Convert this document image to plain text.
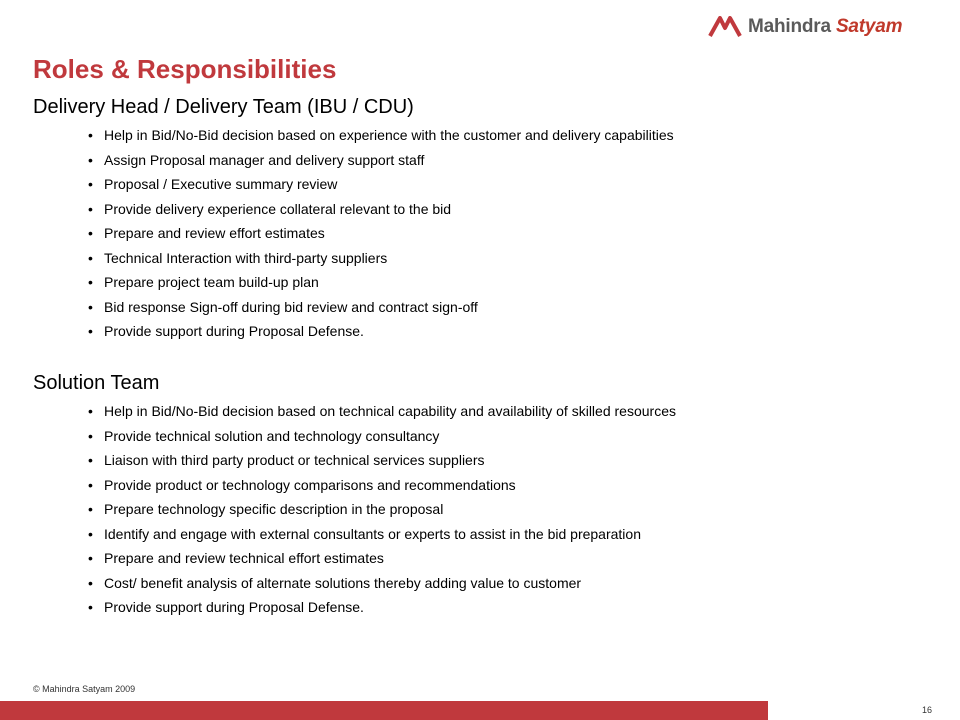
Mahindra Satyam
Roles & Responsibilities
Delivery Head / Delivery Team (IBU / CDU)
• Help in Bid/No-Bid decision based on experience with the customer and delivery capabilities
• Assign Proposal manager and delivery support staff
• Proposal / Executive summary review
• Provide delivery experience collateral relevant to the bid
• Prepare and review effort estimates
• Technical Interaction with third-party suppliers
• Prepare project team build-up plan
• Bid response Sign-off during bid review and contract sign-off
• Provide support during Proposal Defense.
Solution Team
• Help in Bid/No-Bid decision based on technical capability and availability of skilled resources
• Provide technical solution and technology consultancy
• Liaison with third party product or technical services suppliers
• Provide product or technology comparisons and recommendations
• Prepare technology specific description in the proposal
• Identify and engage with external consultants or experts to assist in the bid preparation
• Prepare and review technical effort estimates
• Cost/ benefit analysis of alternate solutions thereby adding value to customer
• Provide support during Proposal Defense.
© Mahindra Satyam 2009
16
